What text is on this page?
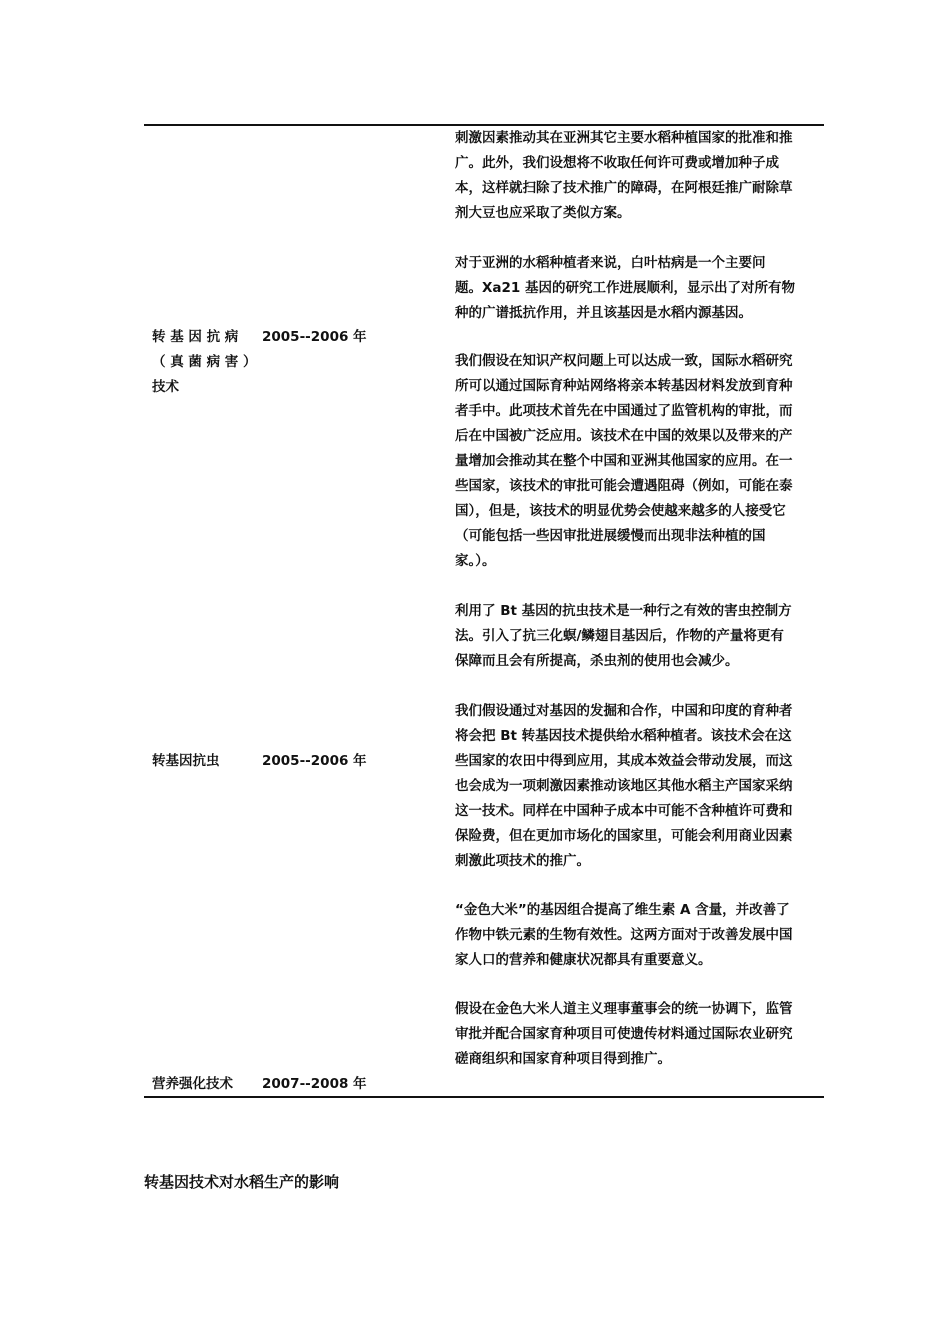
转 基 因 抗 病
（ 真 菌 病 害 ）
技术
2005--2006 年
转基因抗虫	2005--2006 年
营养强化技术	2007--2008 年
刺激因素推动其在亚洲其它主要水稻种植国家的批准和推
广。此外，我们设想将不收取任何许可费或增加种子成
本，这样就扫除了技术推广的障碍，在阿根廷推广耐除草
剂大豆也应采取了类似方案。
对于亚洲的水稻种植者来说，白叶枯病是一个主要问
题。Xa21 基因的研究工作进展顺利，显示出了对所有物
种的广谱抵抗作用，并且该基因是水稻内源基因。
我们假设在知识产权问题上可以达成一致，国际水稻研究
所可以通过国际育种站网络将亲本转基因材料发放到育种
者手中。此项技术首先在中国通过了监管机构的审批，而
后在中国被广泛应用。该技术在中国的效果以及带来的产
量增加会推动其在整个中国和亚洲其他国家的应用。在一
些国家，该技术的审批可能会遭遇阻碍（例如，可能在泰
国），但是，该技术的明显优势会使越来越多的人接受它
（可能包括一些因审批进展缓慢而出现非法种植的国
家。）。
利用了 Bt 基因的抗虫技术是一种行之有效的害虫控制方
法。引入了抗三化螟/鳞翅目基因后，作物的产量将更有
保障而且会有所提高，杀虫剂的使用也会减少。
我们假设通过对基因的发掘和合作，中国和印度的育种者
将会把 Bt 转基因技术提供给水稻种植者。该技术会在这
些国家的农田中得到应用，其成本效益会带动发展，而这
也会成为一项刺激因素推动该地区其他水稻主产国家采纳
这一技术。同样在中国种子成本中可能不含种植许可费和
保险费，但在更加市场化的国家里，可能会利用商业因素
刺激此项技术的推广。
“金色大米”的基因组合提高了维生素 A 含量，并改善了
作物中铁元素的生物有效性。这两方面对于改善发展中国
家人口的营养和健康状况都具有重要意义。
假设在金色大米人道主义理事董事会的统一协调下，监管
审批并配合国家育种项目可使遗传材料通过国际农业研究
磋商组织和国家育种项目得到推广。
转基因技术对水稻生产的影响
